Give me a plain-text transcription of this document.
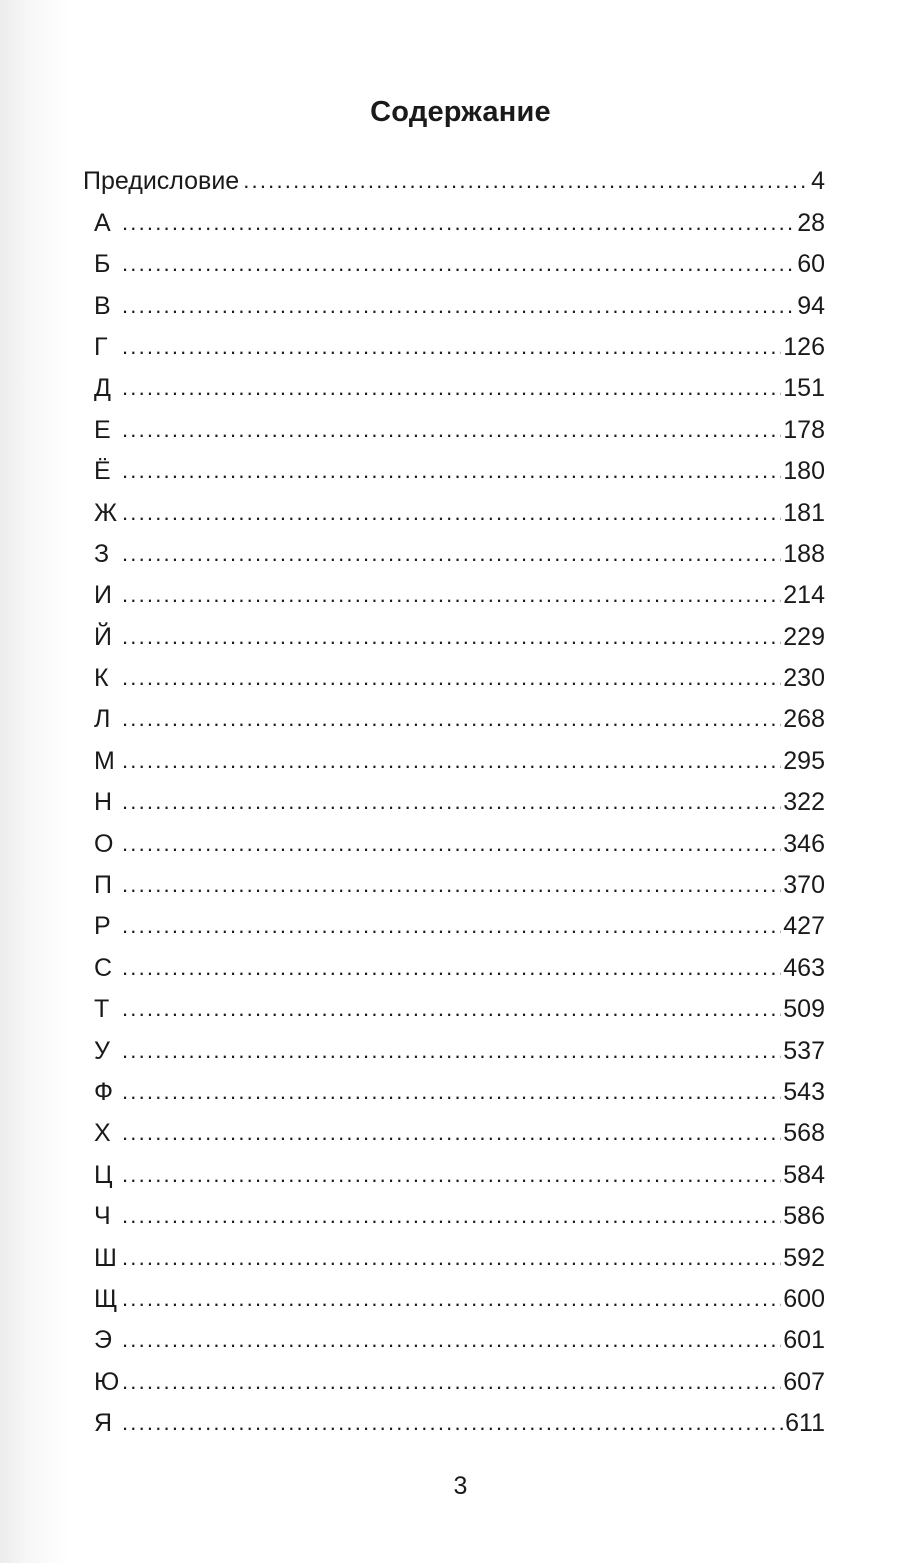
Содержание
Предисловие .....	4
А .....	28
Б .....	60
В .....	94
Г .....	126
Д .....	151
Е .....	178
Ё .....	180
Ж .....	181
З .....	188
И .....	214
Й .....	229
К .....	230
Л .....	268
М .....	295
Н .....	322
О .....	346
П .....	370
Р .....	427
С .....	463
Т .....	509
У .....	537
Ф .....	543
Х .....	568
Ц .....	584
Ч .....	586
Ш .....	592
Щ .....	600
Э .....	601
Ю .....	607
Я .....	611
3
